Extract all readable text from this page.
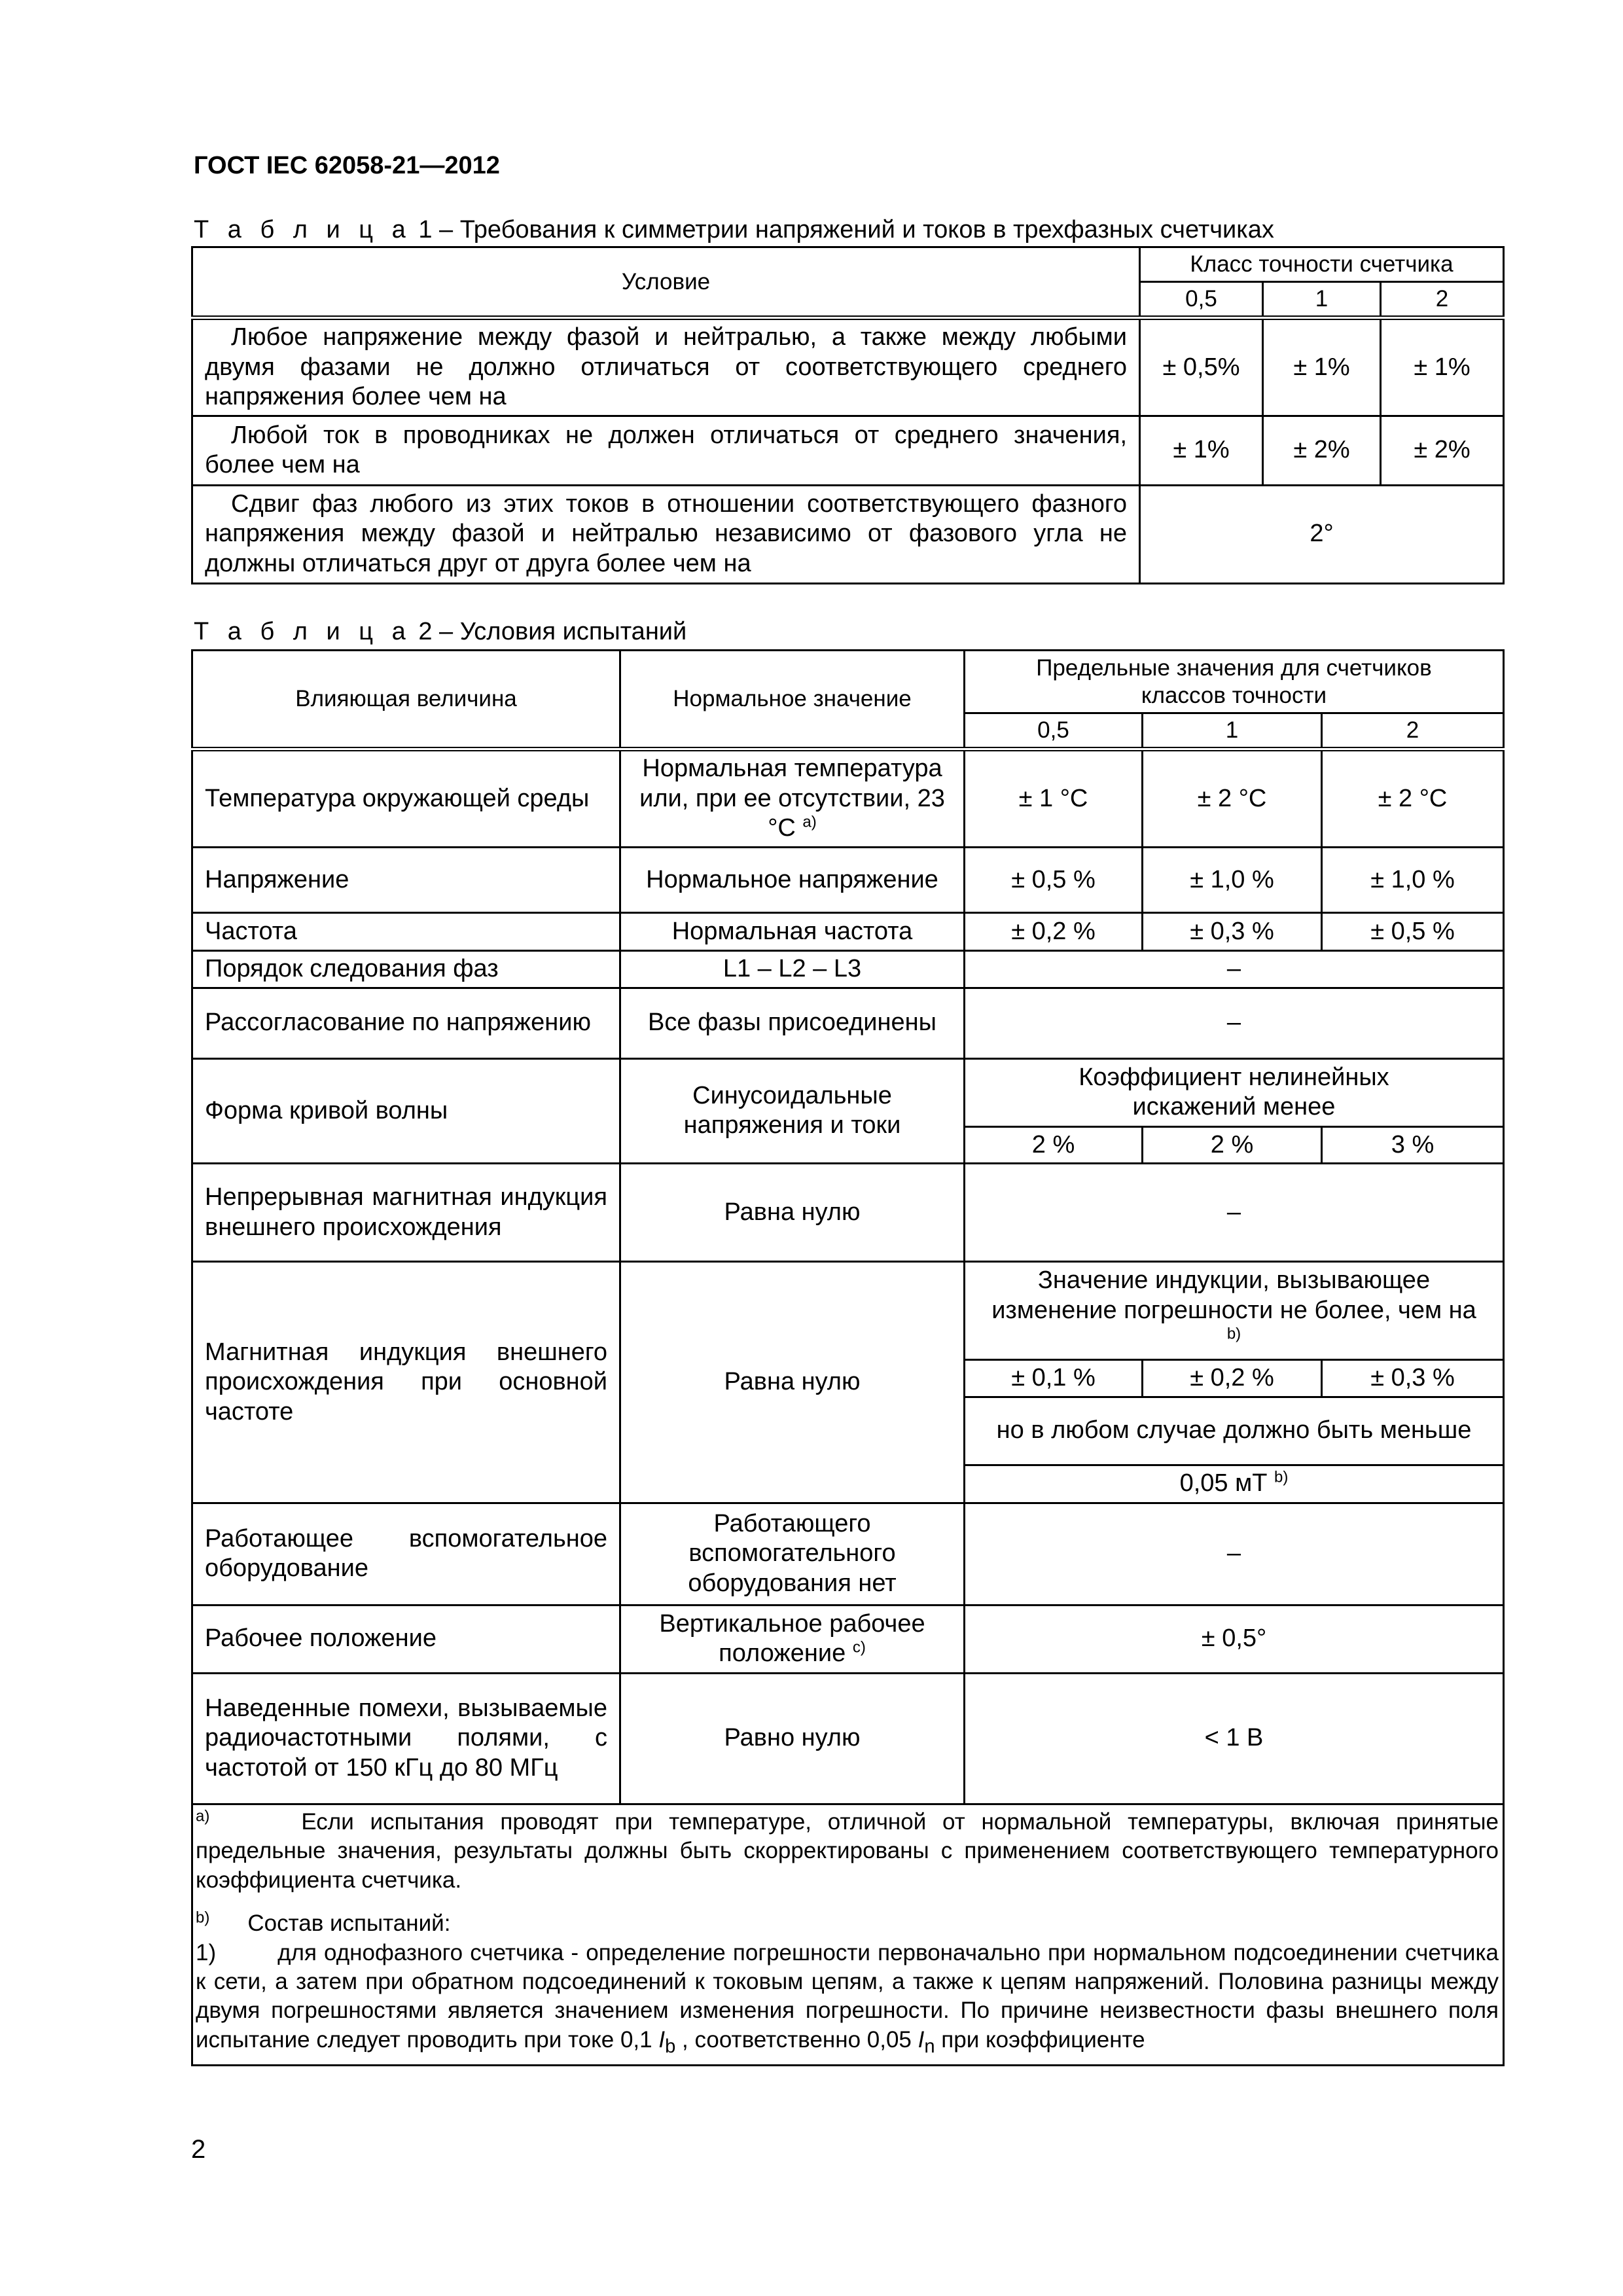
ГОСТ IEC 62058-21—2012
Т а б л и ц а 1 – Требования к симметрии напряжений и токов в трехфазных счетчиках
Условие	Класс точности счетчика		
	0,5	1	2
Любое напряжение между фазой и нейтралью, а также между любыми двумя фазами не должно отличаться от соответствующего среднего напряжения более чем на	± 0,5%	± 1%	± 1%
Любой ток в проводниках не должен отличаться от среднего значения, более чем на	± 1%	± 2%	± 2%
Сдвиг фаз любого из этих токов в отношении соответствующего фазного напряжения между фазой и нейтралью независимо от фазового угла не должны отличаться друг от друга более чем на	2°		
Т а б л и ц а 2 – Условия испытаний
Влияющая величина	Нормальное значение	Предельные значения для счетчиков классов точности		
		0,5	1	2
Температура окружающей среды	Нормальная температура или, при ее отсутствии, 23 °С $^{а)}$	± 1 °С	± 2 °С	± 2 °С
Напряжение	Нормальное напряжение	± 0,5 %	± 1,0 %	± 1,0 %
Частота	Нормальная частота	± 0,2 %	± 0,3 %	± 0,5 %
Порядок следования фаз	L1 – L2 – L3	–		
Рассогласование по напряжению	Все фазы присоединены	–		
Форма кривой волны	Синусоидальные напряжения и токи	Коэффициент нелинейных искажений менее		
		2 %	2 %	3 %
Непрерывная магнитная индукция внешнего происхождения	Равна нулю	–		
Магнитная индукция внешнего происхождения при основной частоте	Равна нулю	Значение индукции, вызывающее изменение погрешности не более, чем на $^{b)}$
		± 0,1 %	± 0,2 %	± 0,3 %
		но в любом случае должно быть меньше		
		0,05 мТ $^{b)}$
Работающее вспомогательное оборудование	Работающего вспомогательного оборудования нет	–		
Рабочее положение	Вертикальное рабочее положение $^{с)}$	± 0,5°		
Наведенные помехи, вызываемые радиочастотными полями, с частотой от 150 кГц до 80 МГц	Равно нулю	< 1 В		

$^{а)}$ Если испытания проводят при температуре, отличной от нормальной температуры, включая принятые предельные значения, результаты должны быть скорректированы с применением соответствующего температурного коэффициента счетчика.
$^{b)}$ Состав испытаний:
1) для однофазного счетчика - определение погрешности первоначально при нормальном подсоединении счетчика к сети, а затем при обратном подсоединений к токовым цепям, а также к цепям напряжений. Половина разницы между двумя погрешностями является значением изменения погрешности. По причине неизвестности фазы внешнего поля испытание следует проводить при токе 0,1 $I_b$ , соответственно 0,05 $I_n$ при коэффициенте				
2
